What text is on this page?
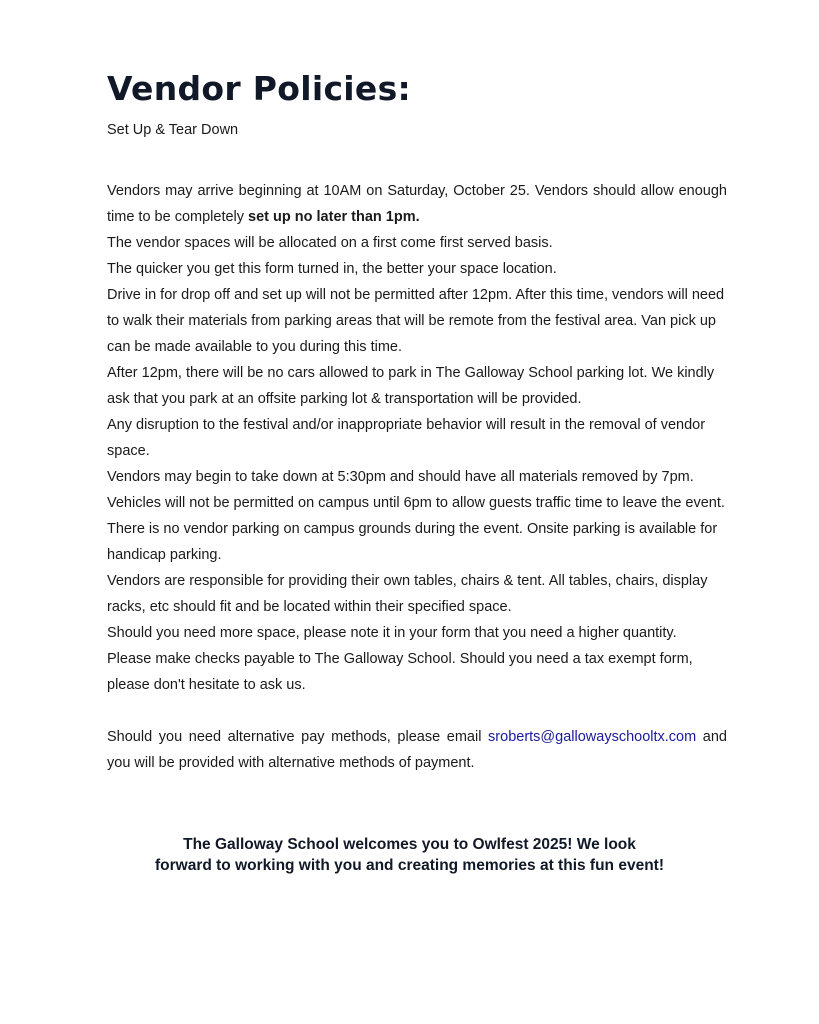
Vendor Policies:

Set Up & Tear Down

Vendors may arrive beginning at 10AM on Saturday, October 25. Vendors should allow enough time to be completely set up no later than 1pm.

The vendor spaces will be allocated on a first come first served basis.

The quicker you get this form turned in, the better your space location.

Drive in for drop off and set up will not be permitted after 12pm. After this time, vendors will need to walk their materials from parking areas that will be remote from the festival area. Van pick up can be made available to you during this time.

After 12pm, there will be no cars allowed to park in The Galloway School parking lot. We kindly ask that you park at an offsite parking lot & transportation will be provided.

Any disruption to the festival and/or inappropriate behavior will result in the removal of vendor space.

Vendors may begin to take down at 5:30pm and should have all materials removed by 7pm. Vehicles will not be permitted on campus until 6pm to allow guests traffic time to leave the event.

There is no vendor parking on campus grounds during the event. Onsite parking is available for handicap parking.

Vendors are responsible for providing their own tables, chairs & tent. All tables, chairs, display racks, etc should fit and be located within their specified space.

Should you need more space, please note it in your form that you need a higher quantity.

Please make checks payable to The Galloway School. Should you need a tax exempt form, please don't hesitate to ask us.

Should you need alternative pay methods, please email sroberts@gallowayschooltx.com and you will be provided with alternative methods of payment.

The Galloway School welcomes you to Owlfest 2025! We look
forward to working with you and creating memories at this fun event!
